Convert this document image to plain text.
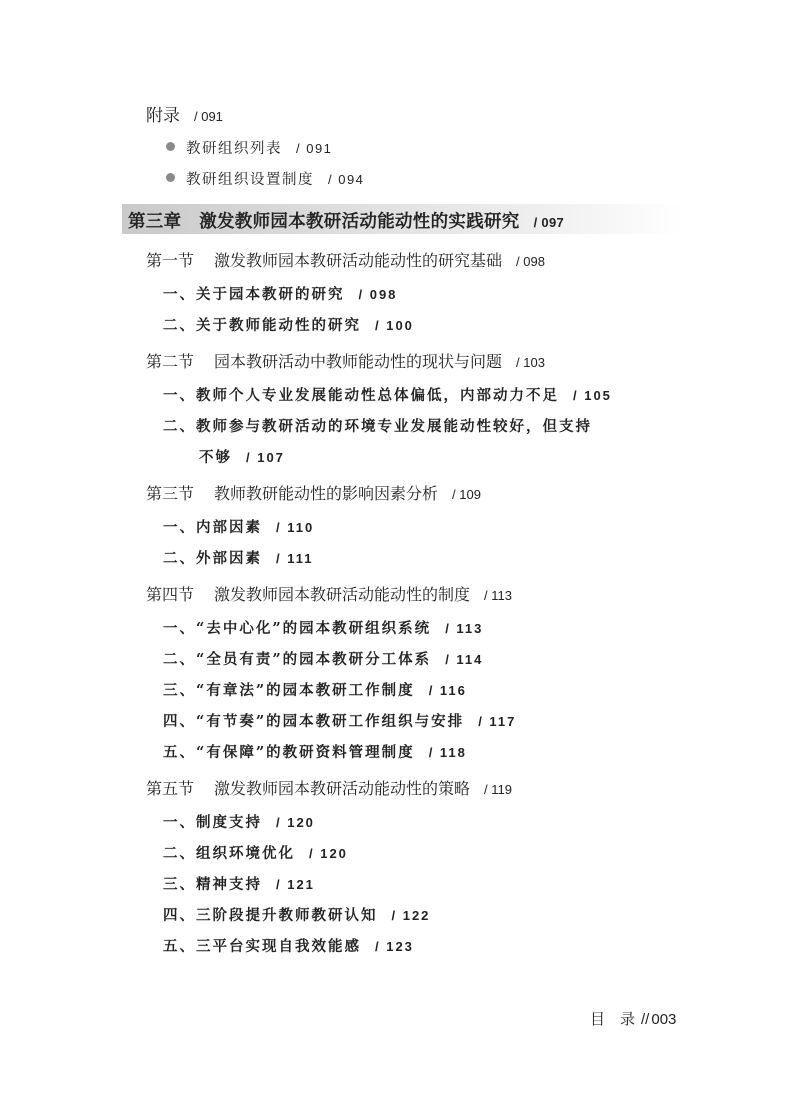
附录 / 091
教研组织列表 / 091
教研组织设置制度 / 094
第三章　激发教师园本教研活动能动性的实践研究 / 097
第一节 激发教师园本教研活动能动性的研究基础 / 098
一、关于园本教研的研究 / 098
二、关于教师能动性的研究 / 100
第二节 园本教研活动中教师能动性的现状与问题 / 103
一、教师个人专业发展能动性总体偏低，内部动力不足 / 105
二、教师参与教研活动的环境专业发展能动性较好，但支持
不够 / 107
第三节 教师教研能动性的影响因素分析 / 109
一、内部因素 / 110
二、外部因素 / 111
第四节 激发教师园本教研活动能动性的制度 / 113
一、“去中心化”的园本教研组织系统 / 113
二、“全员有责”的园本教研分工体系 / 114
三、“有章法”的园本教研工作制度 / 116
四、“有节奏”的园本教研工作组织与安排 / 117
五、“有保障”的教研资料管理制度 / 118
第五节 激发教师园本教研活动能动性的策略 / 119
一、制度支持 / 120
二、组织环境优化 / 120
三、精神支持 / 121
四、三阶段提升教师教研认知 / 122
五、三平台实现自我效能感 / 123
目　录 // 003
